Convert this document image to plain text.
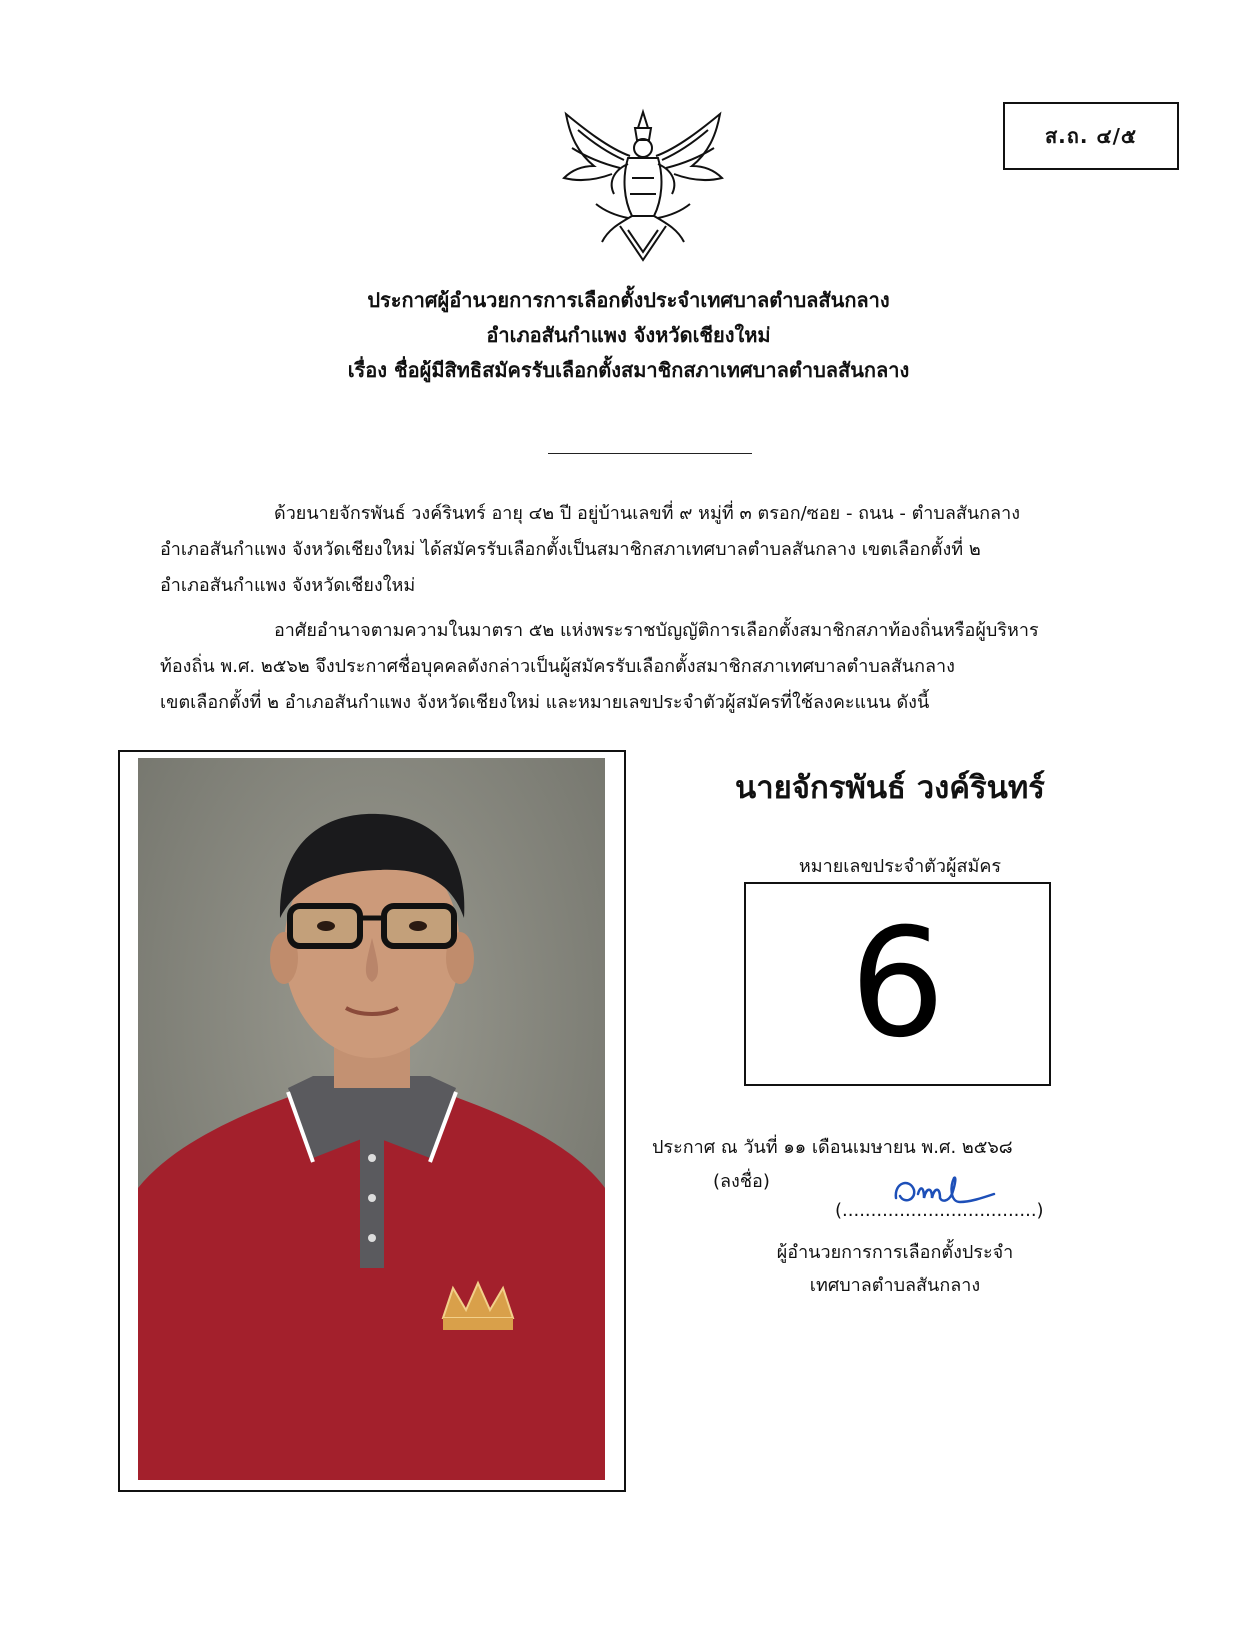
ส.ถ. ๔/๕
ประกาศผู้อำนวยการการเลือกตั้งประจำเทศบาลตำบลสันกลาง
อำเภอสันกำแพง จังหวัดเชียงใหม่
เรื่อง ชื่อผู้มีสิทธิสมัครรับเลือกตั้งสมาชิกสภาเทศบาลตำบลสันกลาง
ด้วยนายจักรพันธ์ วงค์รินทร์ อายุ ๔๒ ปี อยู่บ้านเลขที่ ๙ หมู่ที่ ๓ ตรอก/ซอย - ถนน - ตำบลสันกลาง
อำเภอสันกำแพง จังหวัดเชียงใหม่ ได้สมัครรับเลือกตั้งเป็นสมาชิกสภาเทศบาลตำบลสันกลาง เขตเลือกตั้งที่ ๒
อำเภอสันกำแพง จังหวัดเชียงใหม่
อาศัยอำนาจตามความในมาตรา ๕๒ แห่งพระราชบัญญัติการเลือกตั้งสมาชิกสภาท้องถิ่นหรือผู้บริหาร
ท้องถิ่น พ.ศ. ๒๕๖๒ จึงประกาศชื่อบุคคลดังกล่าวเป็นผู้สมัครรับเลือกตั้งสมาชิกสภาเทศบาลตำบลสันกลาง
เขตเลือกตั้งที่ ๒ อำเภอสันกำแพง จังหวัดเชียงใหม่ และหมายเลขประจำตัวผู้สมัครที่ใช้ลงคะแนน ดังนี้
นายจักรพันธ์ วงค์รินทร์
หมายเลขประจำตัวผู้สมัคร
6
ประกาศ ณ วันที่ ๑๑ เดือนเมษายน พ.ศ. ๒๕๖๘
(ลงชื่อ)
(..................................)
ผู้อำนวยการการเลือกตั้งประจำ
เทศบาลตำบลสันกลาง
